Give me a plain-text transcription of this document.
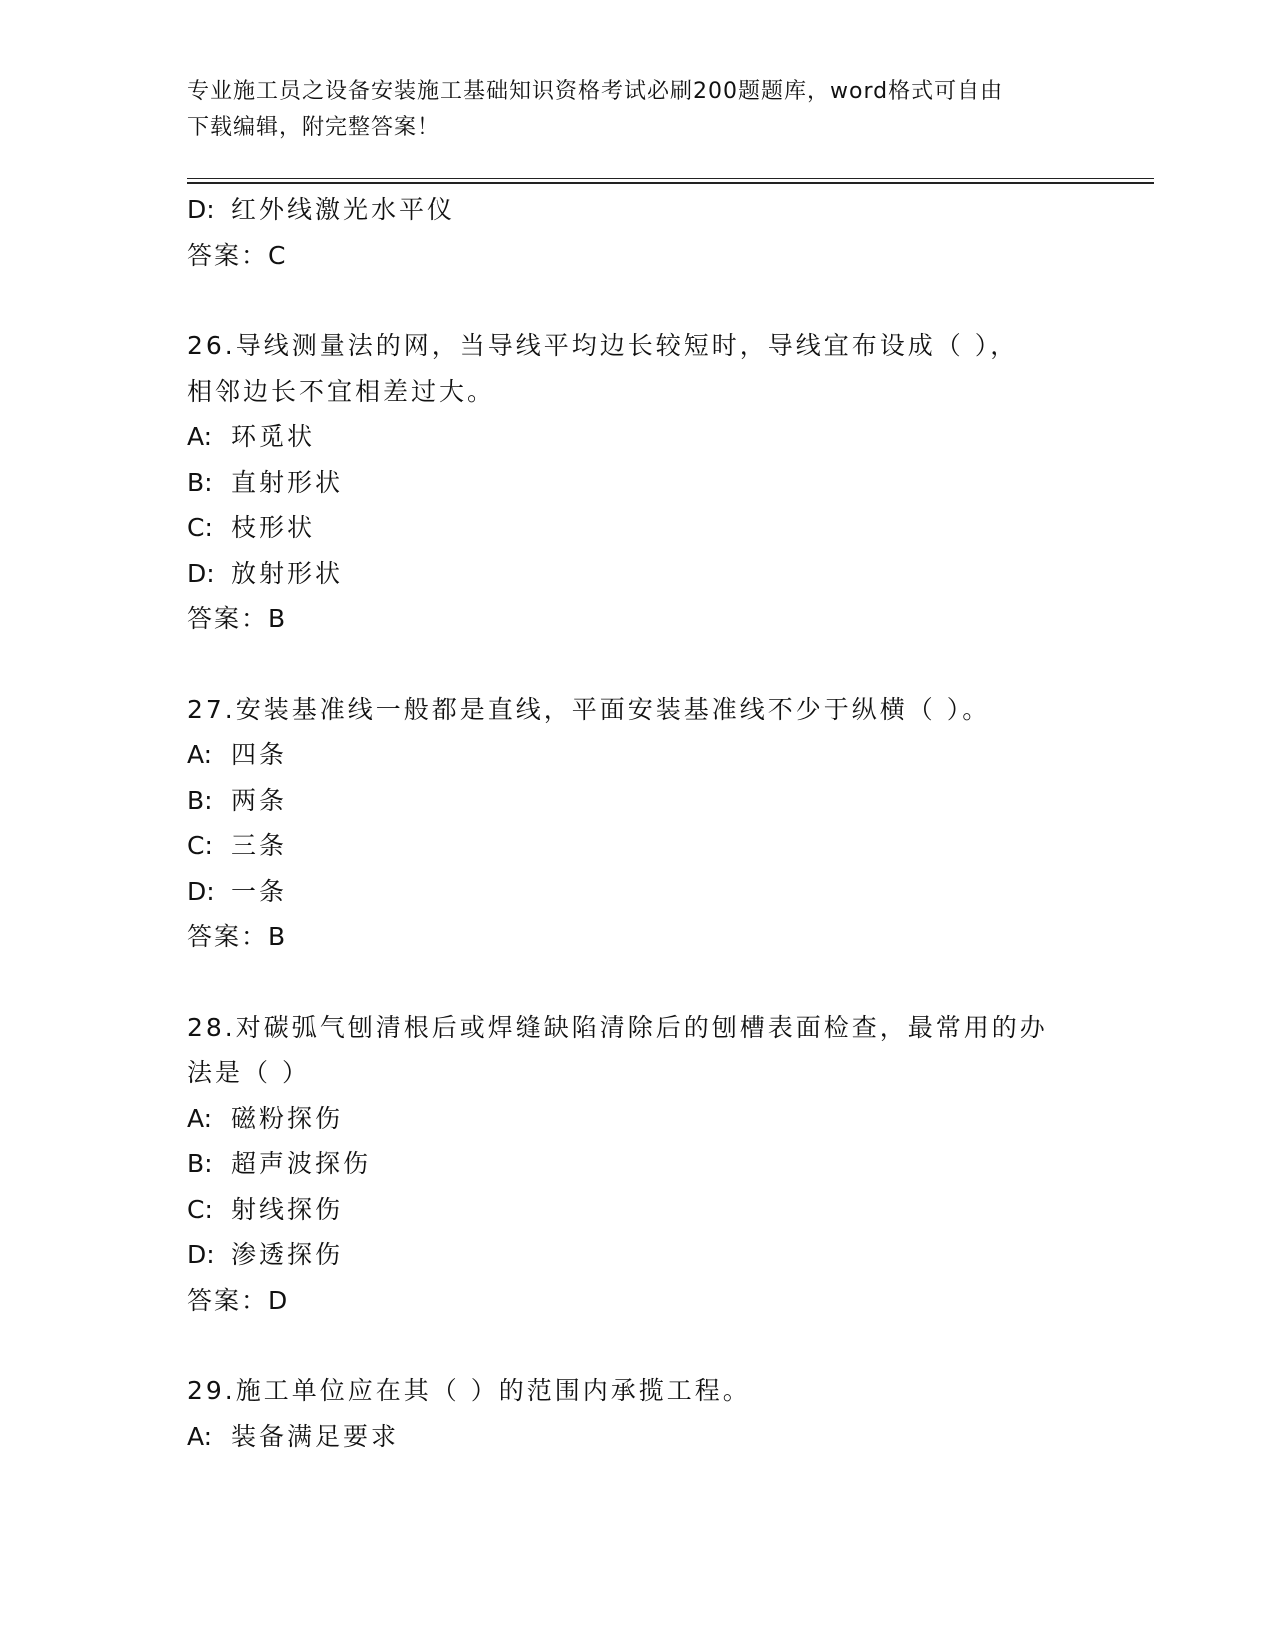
专业施工员之设备安装施工基础知识资格考试必刷200题题库，word格式可自由
下载编辑，附完整答案！
D: 红外线激光水平仪
答案：C
26.导线测量法的网，当导线平均边长较短时，导线宜布设成（ ），
相邻边长不宜相差过大。
A: 环觅状
B: 直射形状
C: 枝形状
D: 放射形状
答案：B
27.安装基准线一般都是直线，平面安装基准线不少于纵横（ ）。
A: 四条
B: 两条
C: 三条
D: 一条
答案：B
28.对碳弧气刨清根后或焊缝缺陷清除后的刨槽表面检查，最常用的办
法是（ ）
A: 磁粉探伤
B: 超声波探伤
C: 射线探伤
D: 渗透探伤
答案：D
29.施工单位应在其（ ）的范围内承揽工程。
A: 装备满足要求
